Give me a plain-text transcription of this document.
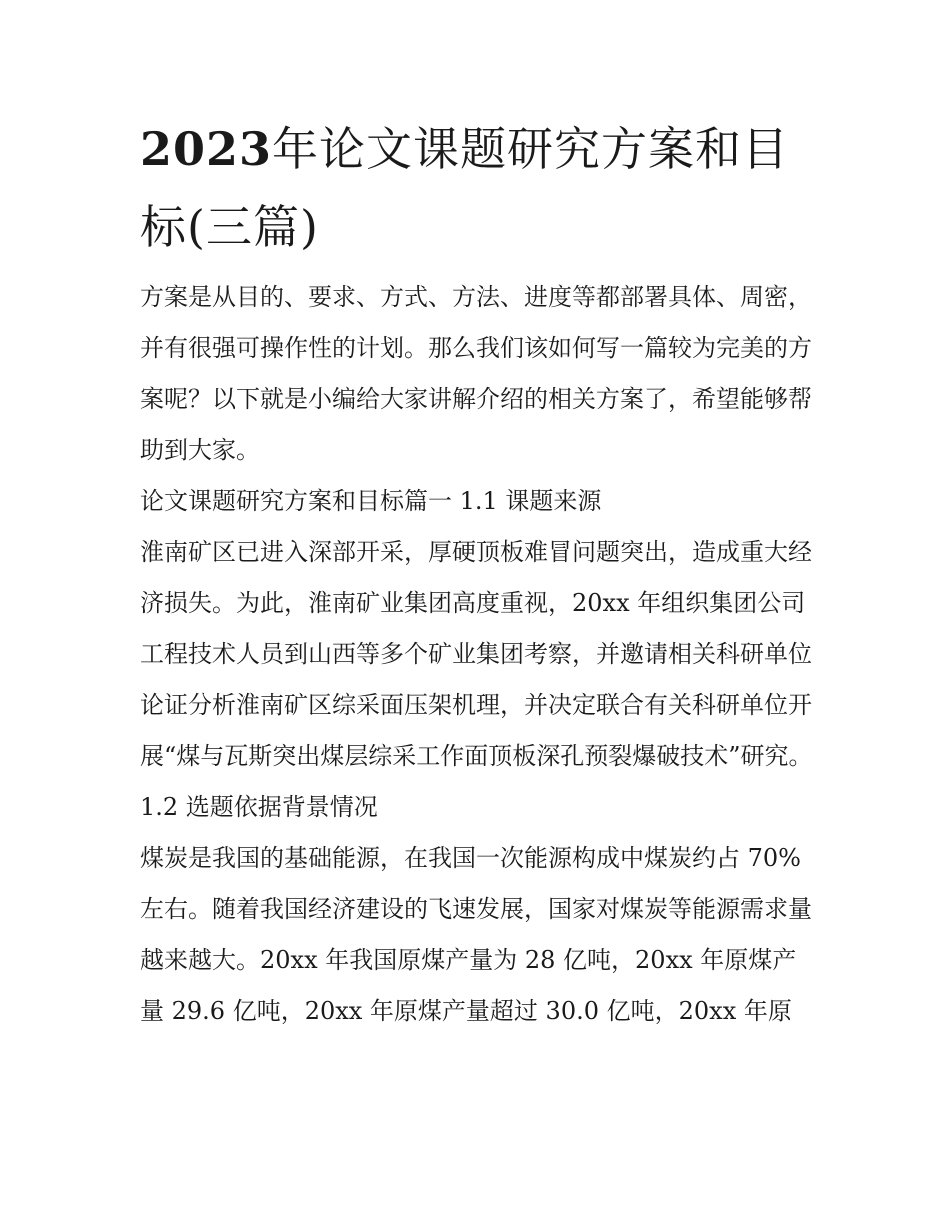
2023年论文课题研究方案和目标(三篇)

方案是从目的、要求、方式、方法、进度等都部署具体、周密，并有很强可操作性的计划。那么我们该如何写一篇较为完美的方案呢？以下就是小编给大家讲解介绍的相关方案了，希望能够帮助到大家。

论文课题研究方案和目标篇一 1.1 课题来源

淮南矿区已进入深部开采，厚硬顶板难冒问题突出，造成重大经济损失。为此，淮南矿业集团高度重视，20xx 年组织集团公司工程技术人员到山西等多个矿业集团考察，并邀请相关科研单位论证分析淮南矿区综采面压架机理，并决定联合有关科研单位开展“煤与瓦斯突出煤层综采工作面顶板深孔预裂爆破技术”研究。

1.2 选题依据背景情况

煤炭是我国的基础能源，在我国一次能源构成中煤炭约占 70%左右。随着我国经济建设的飞速发展，国家对煤炭等能源需求量越来越大。20xx 年我国原煤产量为 28 亿吨，20xx 年原煤产量 29.6 亿吨，20xx 年原煤产量超过 30.0 亿吨，20xx 年原
